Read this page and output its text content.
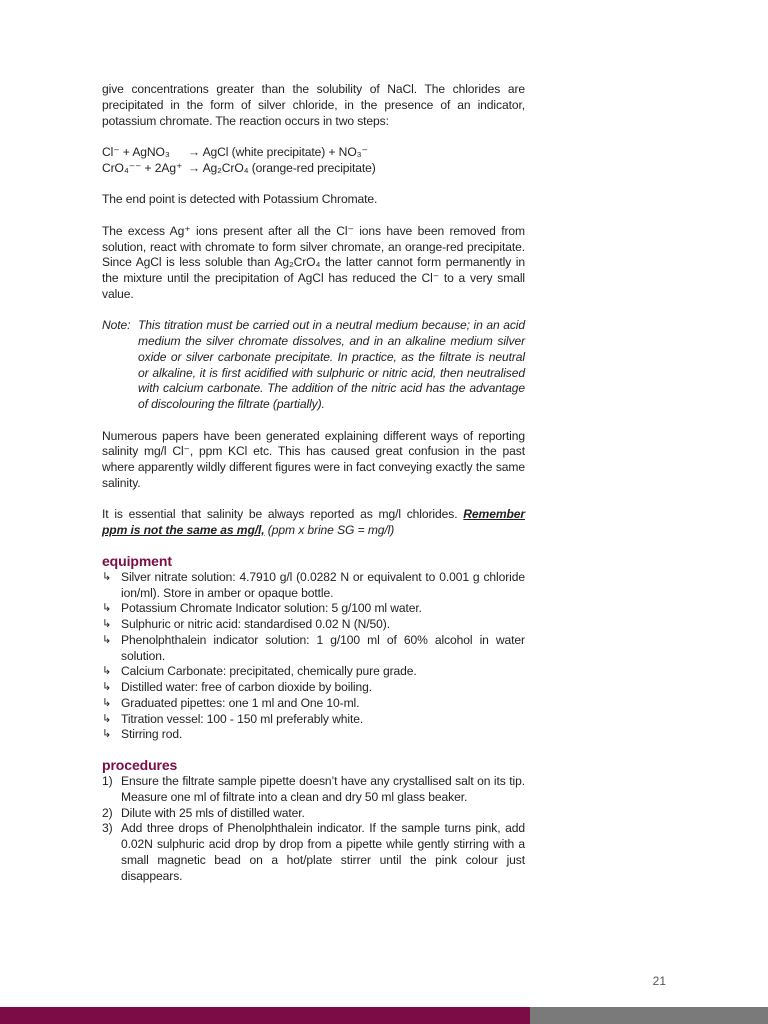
give concentrations greater than the solubility of NaCl. The chlorides are precipitated in the form of silver chloride, in the presence of an indicator, potassium chromate. The reaction occurs in two steps:

Cl⁻ + AgNO₃	→ AgCl (white precipitate) + NO₃⁻
CrO₄⁻⁻ + 2Ag⁺ → Ag₂CrO₄ (orange-red precipitate)

The end point is detected with Potassium Chromate.

The excess Ag⁺ ions present after all the Cl⁻ ions have been removed from solution, react with chromate to form silver chromate, an orange-red precipitate. Since AgCl is less soluble than Ag₂CrO₄ the latter cannot form permanently in the mixture until the precipitation of AgCl has reduced the Cl⁻ to a very small value.

Note: This titration must be carried out in a neutral medium because; in an acid medium the silver chromate dissolves, and in an alkaline medium silver oxide or silver carbonate precipitate. In practice, as the filtrate is neutral or alkaline, it is first acidified with sulphuric or nitric acid, then neutralised with calcium carbonate. The addition of the nitric acid has the advantage of discolouring the filtrate (partially).

Numerous papers have been generated explaining different ways of reporting salinity mg/l Cl⁻, ppm KCl etc. This has caused great confusion in the past where apparently wildly different figures were in fact conveying exactly the same salinity.

It is essential that salinity be always reported as mg/l chlorides. Remember ppm is not the same as mg/l, (ppm x brine SG = mg/l)

equipment
↳ Silver nitrate solution: 4.7910 g/l (0.0282 N or equivalent to 0.001 g chloride ion/ml). Store in amber or opaque bottle.
↳ Potassium Chromate Indicator solution: 5 g/100 ml water.
↳ Sulphuric or nitric acid: standardised 0.02 N (N/50).
↳ Phenolphthalein indicator solution: 1 g/100 ml of 60% alcohol in water solution.
↳ Calcium Carbonate: precipitated, chemically pure grade.
↳ Distilled water: free of carbon dioxide by boiling.
↳ Graduated pipettes: one 1 ml and One 10-ml.
↳ Titration vessel: 100 - 150 ml preferably white.
↳ Stirring rod.
procedures
1) Ensure the filtrate sample pipette doesn’t have any crystallised salt on its tip. Measure one ml of filtrate into a clean and dry 50 ml glass beaker.
2) Dilute with 25 mls of distilled water.
3) Add three drops of Phenolphthalein indicator. If the sample turns pink, add 0.02N sulphuric acid drop by drop from a pipette while gently stirring with a small magnetic bead on a hot/plate stirrer until the pink colour just disappears.
21
